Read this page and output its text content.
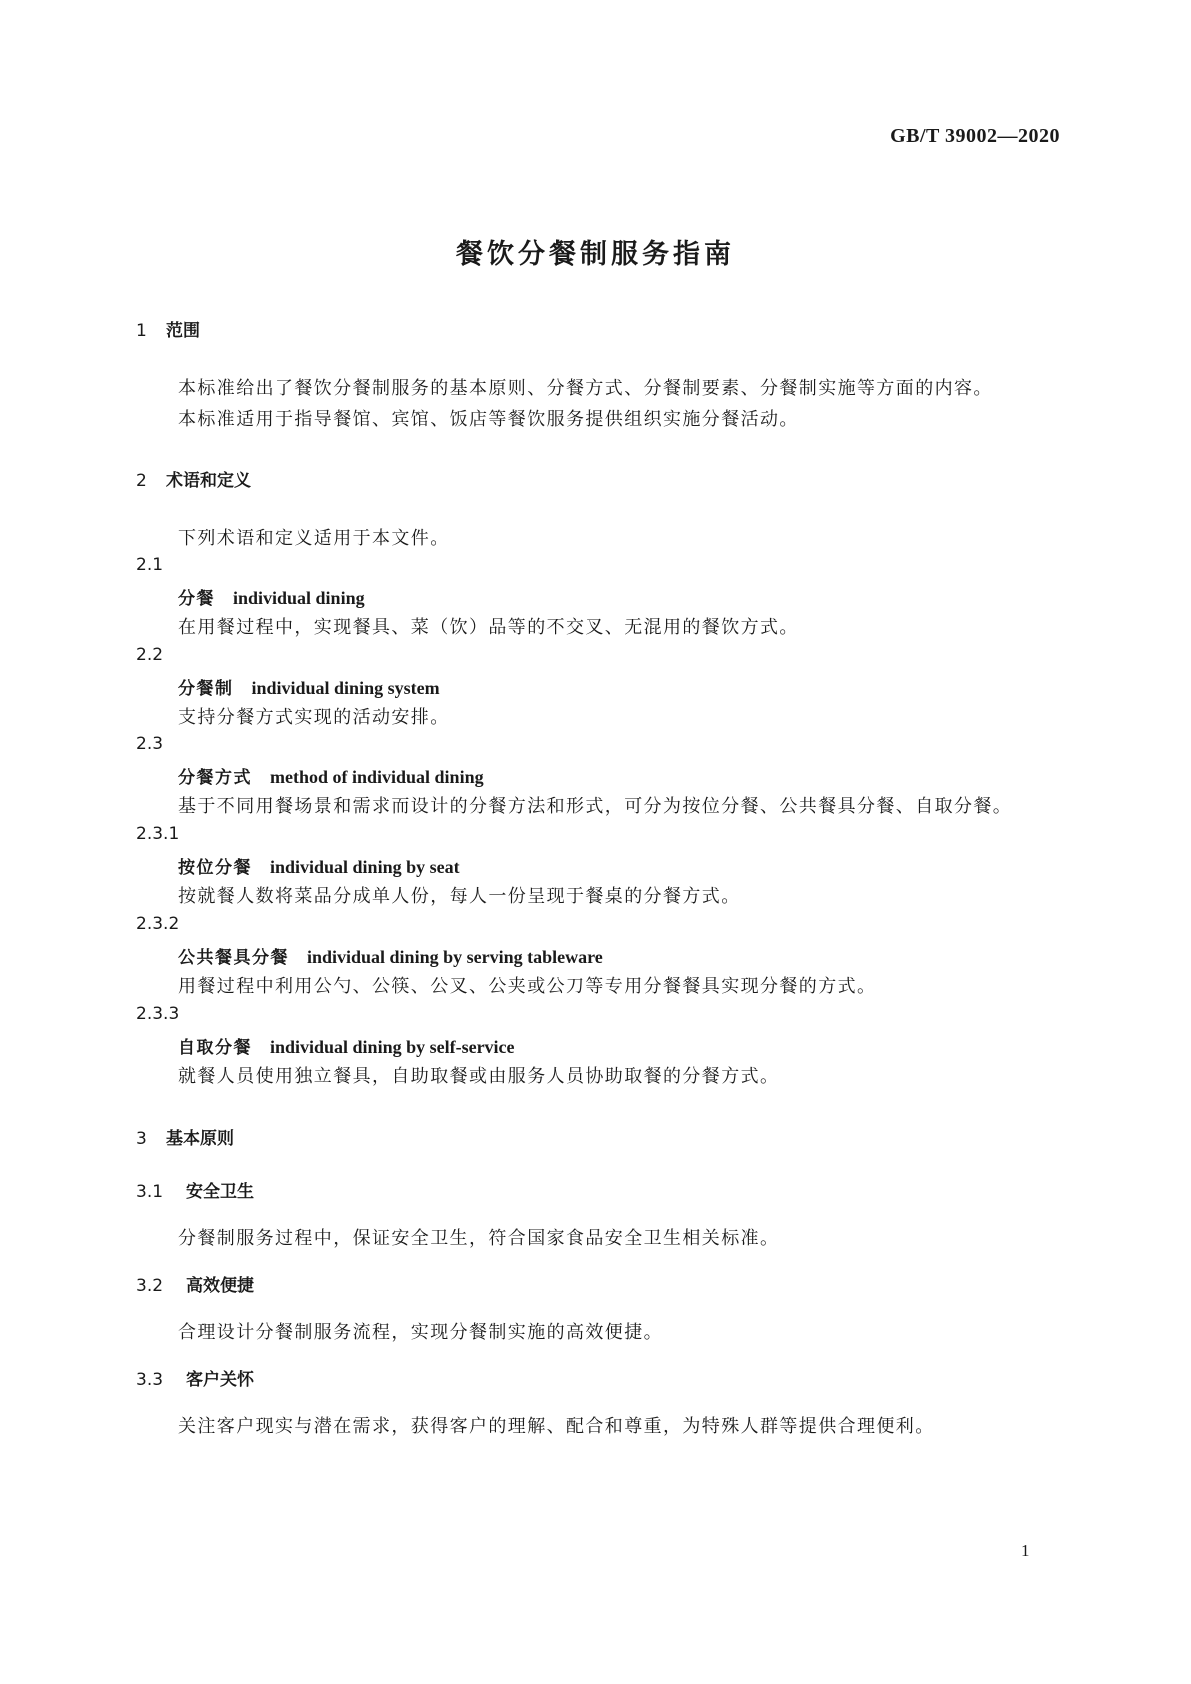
GB/T 39002—2020
餐饮分餐制服务指南
1 范围
本标准给出了餐饮分餐制服务的基本原则、分餐方式、分餐制要素、分餐制实施等方面的内容。
本标准适用于指导餐馆、宾馆、饭店等餐饮服务提供组织实施分餐活动。
2 术语和定义
下列术语和定义适用于本文件。
2.1
分餐 individual dining
在用餐过程中，实现餐具、菜（饮）品等的不交叉、无混用的餐饮方式。
2.2
分餐制 individual dining system
支持分餐方式实现的活动安排。
2.3
分餐方式 method of individual dining
基于不同用餐场景和需求而设计的分餐方法和形式，可分为按位分餐、公共餐具分餐、自取分餐。
2.3.1
按位分餐 individual dining by seat
按就餐人数将菜品分成单人份，每人一份呈现于餐桌的分餐方式。
2.3.2
公共餐具分餐 individual dining by serving tableware
用餐过程中利用公勺、公筷、公叉、公夹或公刀等专用分餐餐具实现分餐的方式。
2.3.3
自取分餐 individual dining by self-service
就餐人员使用独立餐具，自助取餐或由服务人员协助取餐的分餐方式。
3 基本原则
3.1 安全卫生
分餐制服务过程中，保证安全卫生，符合国家食品安全卫生相关标准。
3.2 高效便捷
合理设计分餐制服务流程，实现分餐制实施的高效便捷。
3.3 客户关怀
关注客户现实与潜在需求，获得客户的理解、配合和尊重，为特殊人群等提供合理便利。
1
